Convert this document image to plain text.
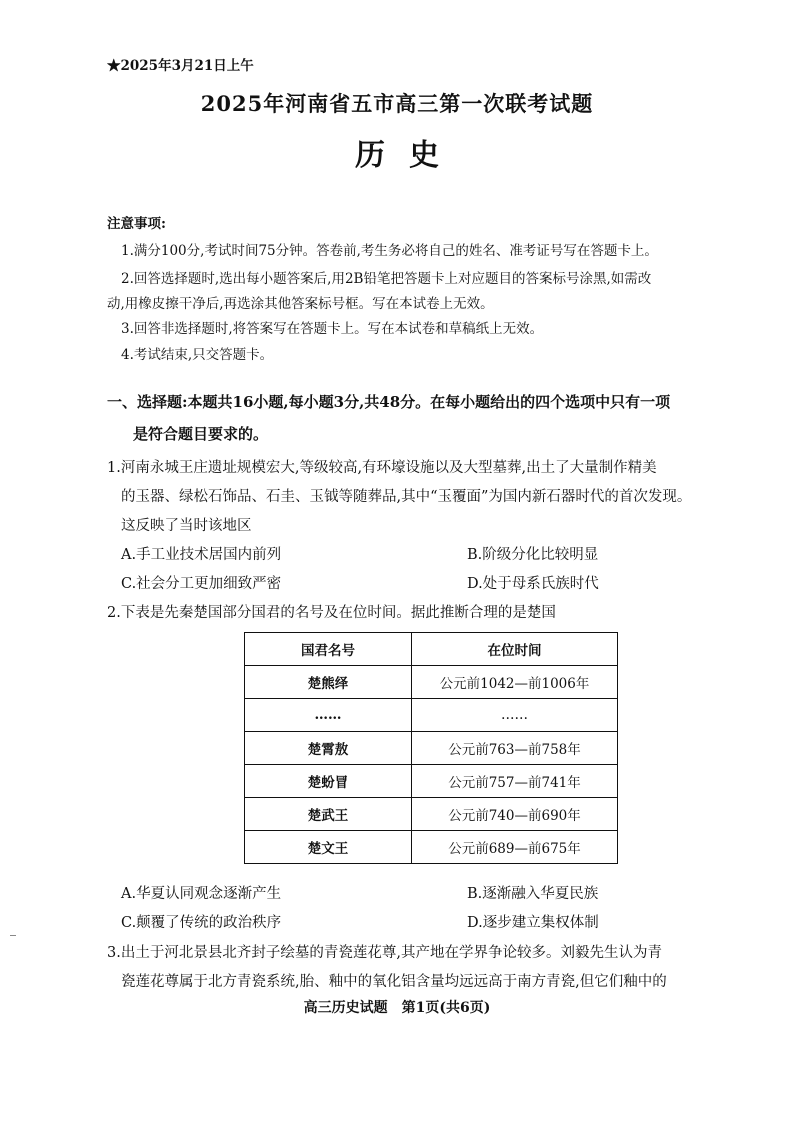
★2025年3月21日上午
2025年河南省五市高三第一次联考试题
历史
注意事项:
1.满分100分,考试时间75分钟。答卷前,考生务必将自己的姓名、准考证号写在答题卡上。
2.回答选择题时,选出每小题答案后,用2B铅笔把答题卡上对应题目的答案标号涂黑,如需改
动,用橡皮擦干净后,再选涂其他答案标号框。写在本试卷上无效。
3.回答非选择题时,将答案写在答题卡上。写在本试卷和草稿纸上无效。
4.考试结束,只交答题卡。
一、选择题:本题共16小题,每小题3分,共48分。在每小题给出的四个选项中只有一项
是符合题目要求的。
1.河南永城王庄遗址规模宏大,等级较高,有环壕设施以及大型墓葬,出土了大量制作精美
的玉器、绿松石饰品、石圭、玉钺等随葬品,其中“玉覆面”为国内新石器时代的首次发现。
这反映了当时该地区
A.手工业技术居国内前列	B.阶级分化比较明显
C.社会分工更加细致严密	D.处于母系氏族时代
2.下表是先秦楚国部分国君的名号及在位时间。据此推断合理的是楚国
国君名号	在位时间
楚熊绎	公元前1042—前1006年
……	……
楚霄敖	公元前763—前758年
楚蚡冒	公元前757—前741年
楚武王	公元前740—前690年
楚文王	公元前689—前675年
A.华夏认同观念逐渐产生	B.逐渐融入华夏民族
C.颠覆了传统的政治秩序	D.逐步建立集权体制
3.出土于河北景县北齐封子绘墓的青瓷莲花尊,其产地在学界争论较多。刘毅先生认为青
瓷莲花尊属于北方青瓷系统,胎、釉中的氧化铝含量均远远高于南方青瓷,但它们釉中的
高三历史试题　第1页(共6页)
